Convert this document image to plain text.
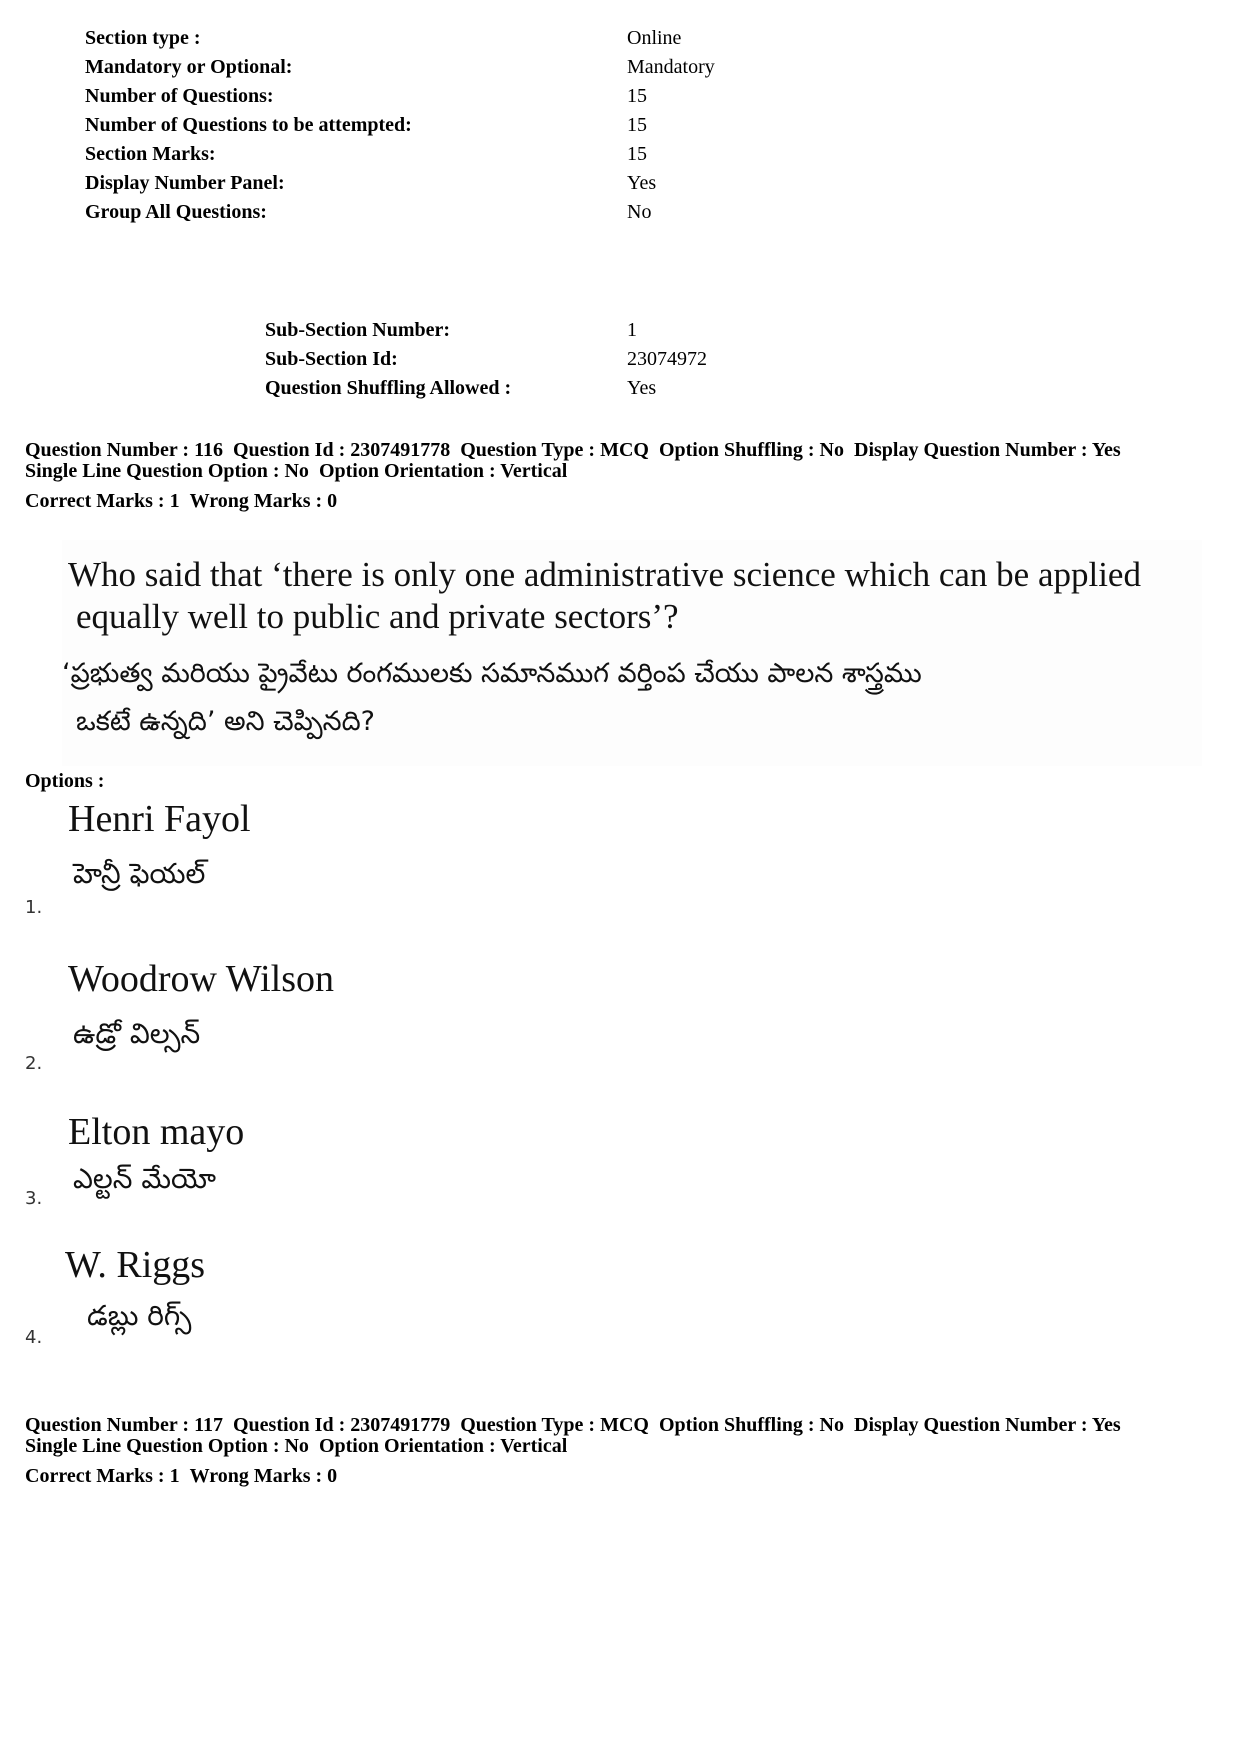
Section type :	Online
Mandatory or Optional:	Mandatory
Number of Questions:	15
Number of Questions to be attempted:	15
Section Marks:	15
Display Number Panel:	Yes
Group All Questions:	No
Sub-Section Number:	1
Sub-Section Id:	23074972
Question Shuffling Allowed :	Yes
Question Number : 116 Question Id : 2307491778 Question Type : MCQ Option Shuffling : No Display Question Number : Yes
Single Line Question Option : No Option Orientation : Vertical
Correct Marks : 1 Wrong Marks : 0
Who said that ‘there is only one administrative science which can be applied
equally well to public and private sectors’?
‘ప్రభుత్వ మరియు ప్రైవేటు రంగములకు సమానముగ వర్తింప చేయు పాలన శాస్త్రము
ఒకటే ఉన్నది’ అని చెప్పినది?
Options :
Henri Fayol
హెన్రీ ఫెయల్
1.
Woodrow Wilson
ఉడ్రో విల్సన్
2.
Elton mayo
ఎల్టన్ మేయో
3.
W. Riggs
డబ్లు రిగ్స్
4.
Question Number : 117 Question Id : 2307491779 Question Type : MCQ Option Shuffling : No Display Question Number : Yes
Single Line Question Option : No Option Orientation : Vertical
Correct Marks : 1 Wrong Marks : 0
